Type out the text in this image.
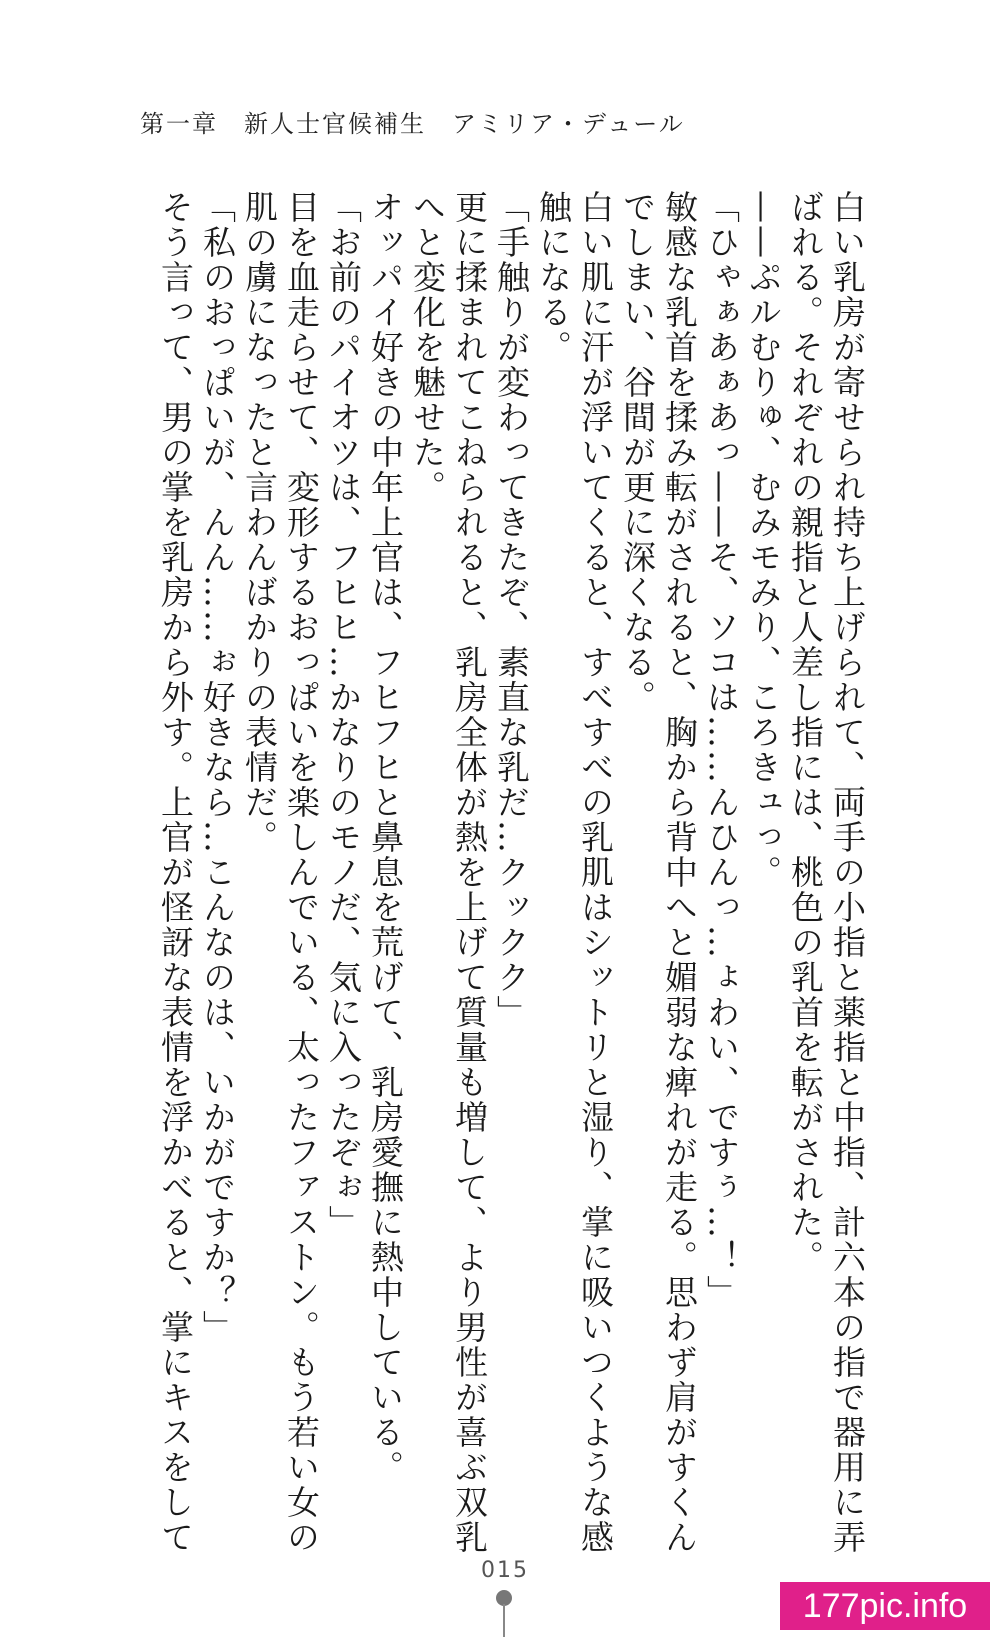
第一章　新人士官候補生　アミリア・デュール

白い乳房が寄せられ持ち上げられて、両手の小指と薬指と中指、計六本の指で器用に弄

ばれる。それぞれの親指と人差し指には、桃色の乳首を転がされた。

——ぷルむりゅ、むみモみり、ころきュっ。

「ひゃぁあぁあっ——そ、ソコは……んひんっ…ょわい、ですぅ…！」

敏感な乳首を揉み転がされると、胸から背中へと媚弱な痺れが走る。思わず肩がすくん

でしまい、谷間が更に深くなる。

白い肌に汗が浮いてくると、すべすべの乳肌はシットリと湿り、掌に吸いつくような感

触になる。

「手触りが変わってきたぞ、素直な乳だ…クックク」

更に揉まれてこねられると、乳房全体が熱を上げて質量も増して、より男性が喜ぶ双乳

へと変化を魅せた。

オッパイ好きの中年上官は、フヒフヒと鼻息を荒げて、乳房愛撫に熱中している。

「お前のパイオツは、フヒヒ…かなりのモノだ、気に入ったぞぉ」

目を血走らせて、変形するおっぱいを楽しんでいる、太ったファストン。もう若い女の

肌の虜になったと言わんばかりの表情だ。

「私のおっぱいが、んん……ぉ好きなら…こんなのは、いかがですか？」

そう言って、男の掌を乳房から外す。上官が怪訝な表情を浮かべると、掌にキスをして

015
177pic.info
